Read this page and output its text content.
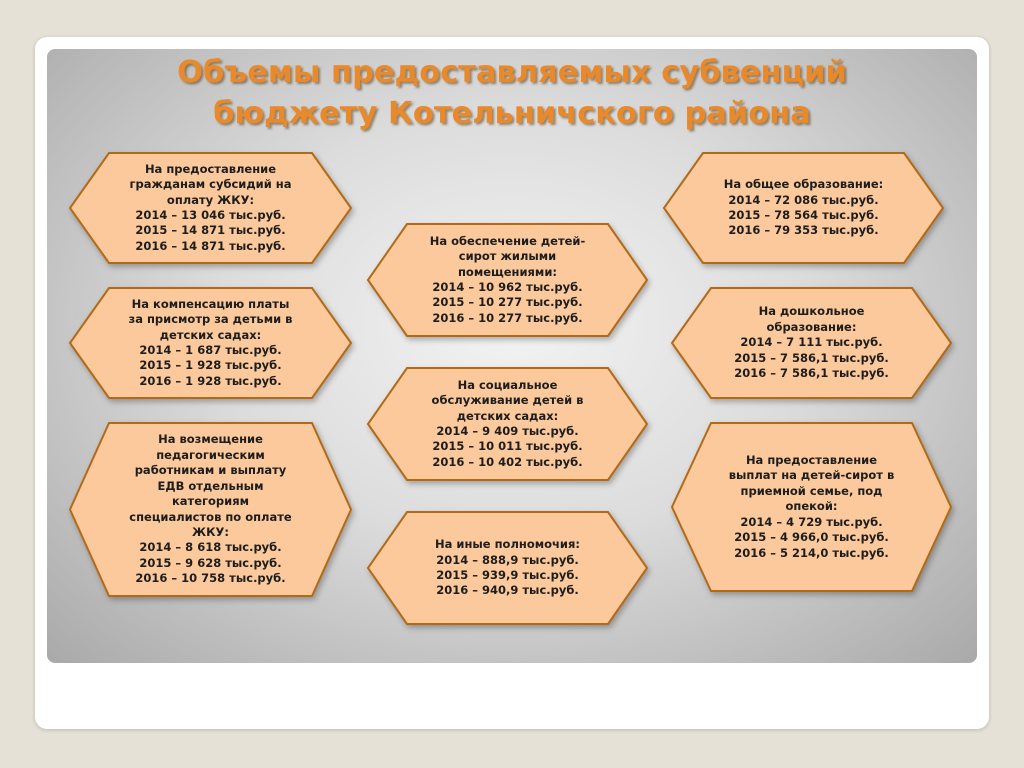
Объемы предоставляемых субвенций
бюджету Котельничского района
На предоставление
гражданам субсидий на
оплату ЖКУ:
2014 – 13 046 тыс.руб.
2015 – 14 871 тыс.руб.
2016 – 14 871 тыс.руб.
На компенсацию платы
за присмотр за детьми в
детских садах:
2014 – 1 687 тыс.руб.
2015 – 1 928 тыс.руб.
2016 – 1 928 тыс.руб.
На возмещение
педагогическим
работникам и выплату
ЕДВ отдельным
категориям
специалистов по оплате
ЖКУ:
2014 – 8 618 тыс.руб.
2015 – 9 628 тыс.руб.
2016 – 10 758 тыс.руб.
На обеспечение детей-
сирот жилыми
помещениями:
2014 – 10 962 тыс.руб.
2015 – 10 277 тыс.руб.
2016 – 10 277 тыс.руб.
На социальное
обслуживание детей в
детских садах:
2014 – 9 409 тыс.руб.
2015 – 10 011 тыс.руб.
2016 – 10 402 тыс.руб.
На иные полномочия:
2014 – 888,9 тыс.руб.
2015 – 939,9 тыс.руб.
2016 – 940,9 тыс.руб.
На общее образование:
2014 – 72 086 тыс.руб.
2015 – 78 564 тыс.руб.
2016 – 79 353 тыс.руб.
На дошкольное
образование:
2014 – 7 111 тыс.руб.
2015 – 7 586,1 тыс.руб.
2016 – 7 586,1 тыс.руб.
На предоставление
выплат на детей-сирот в
приемной семье, под
опекой:
2014 – 4 729 тыс.руб.
2015 – 4 966,0 тыс.руб.
2016 – 5 214,0 тыс.руб.
